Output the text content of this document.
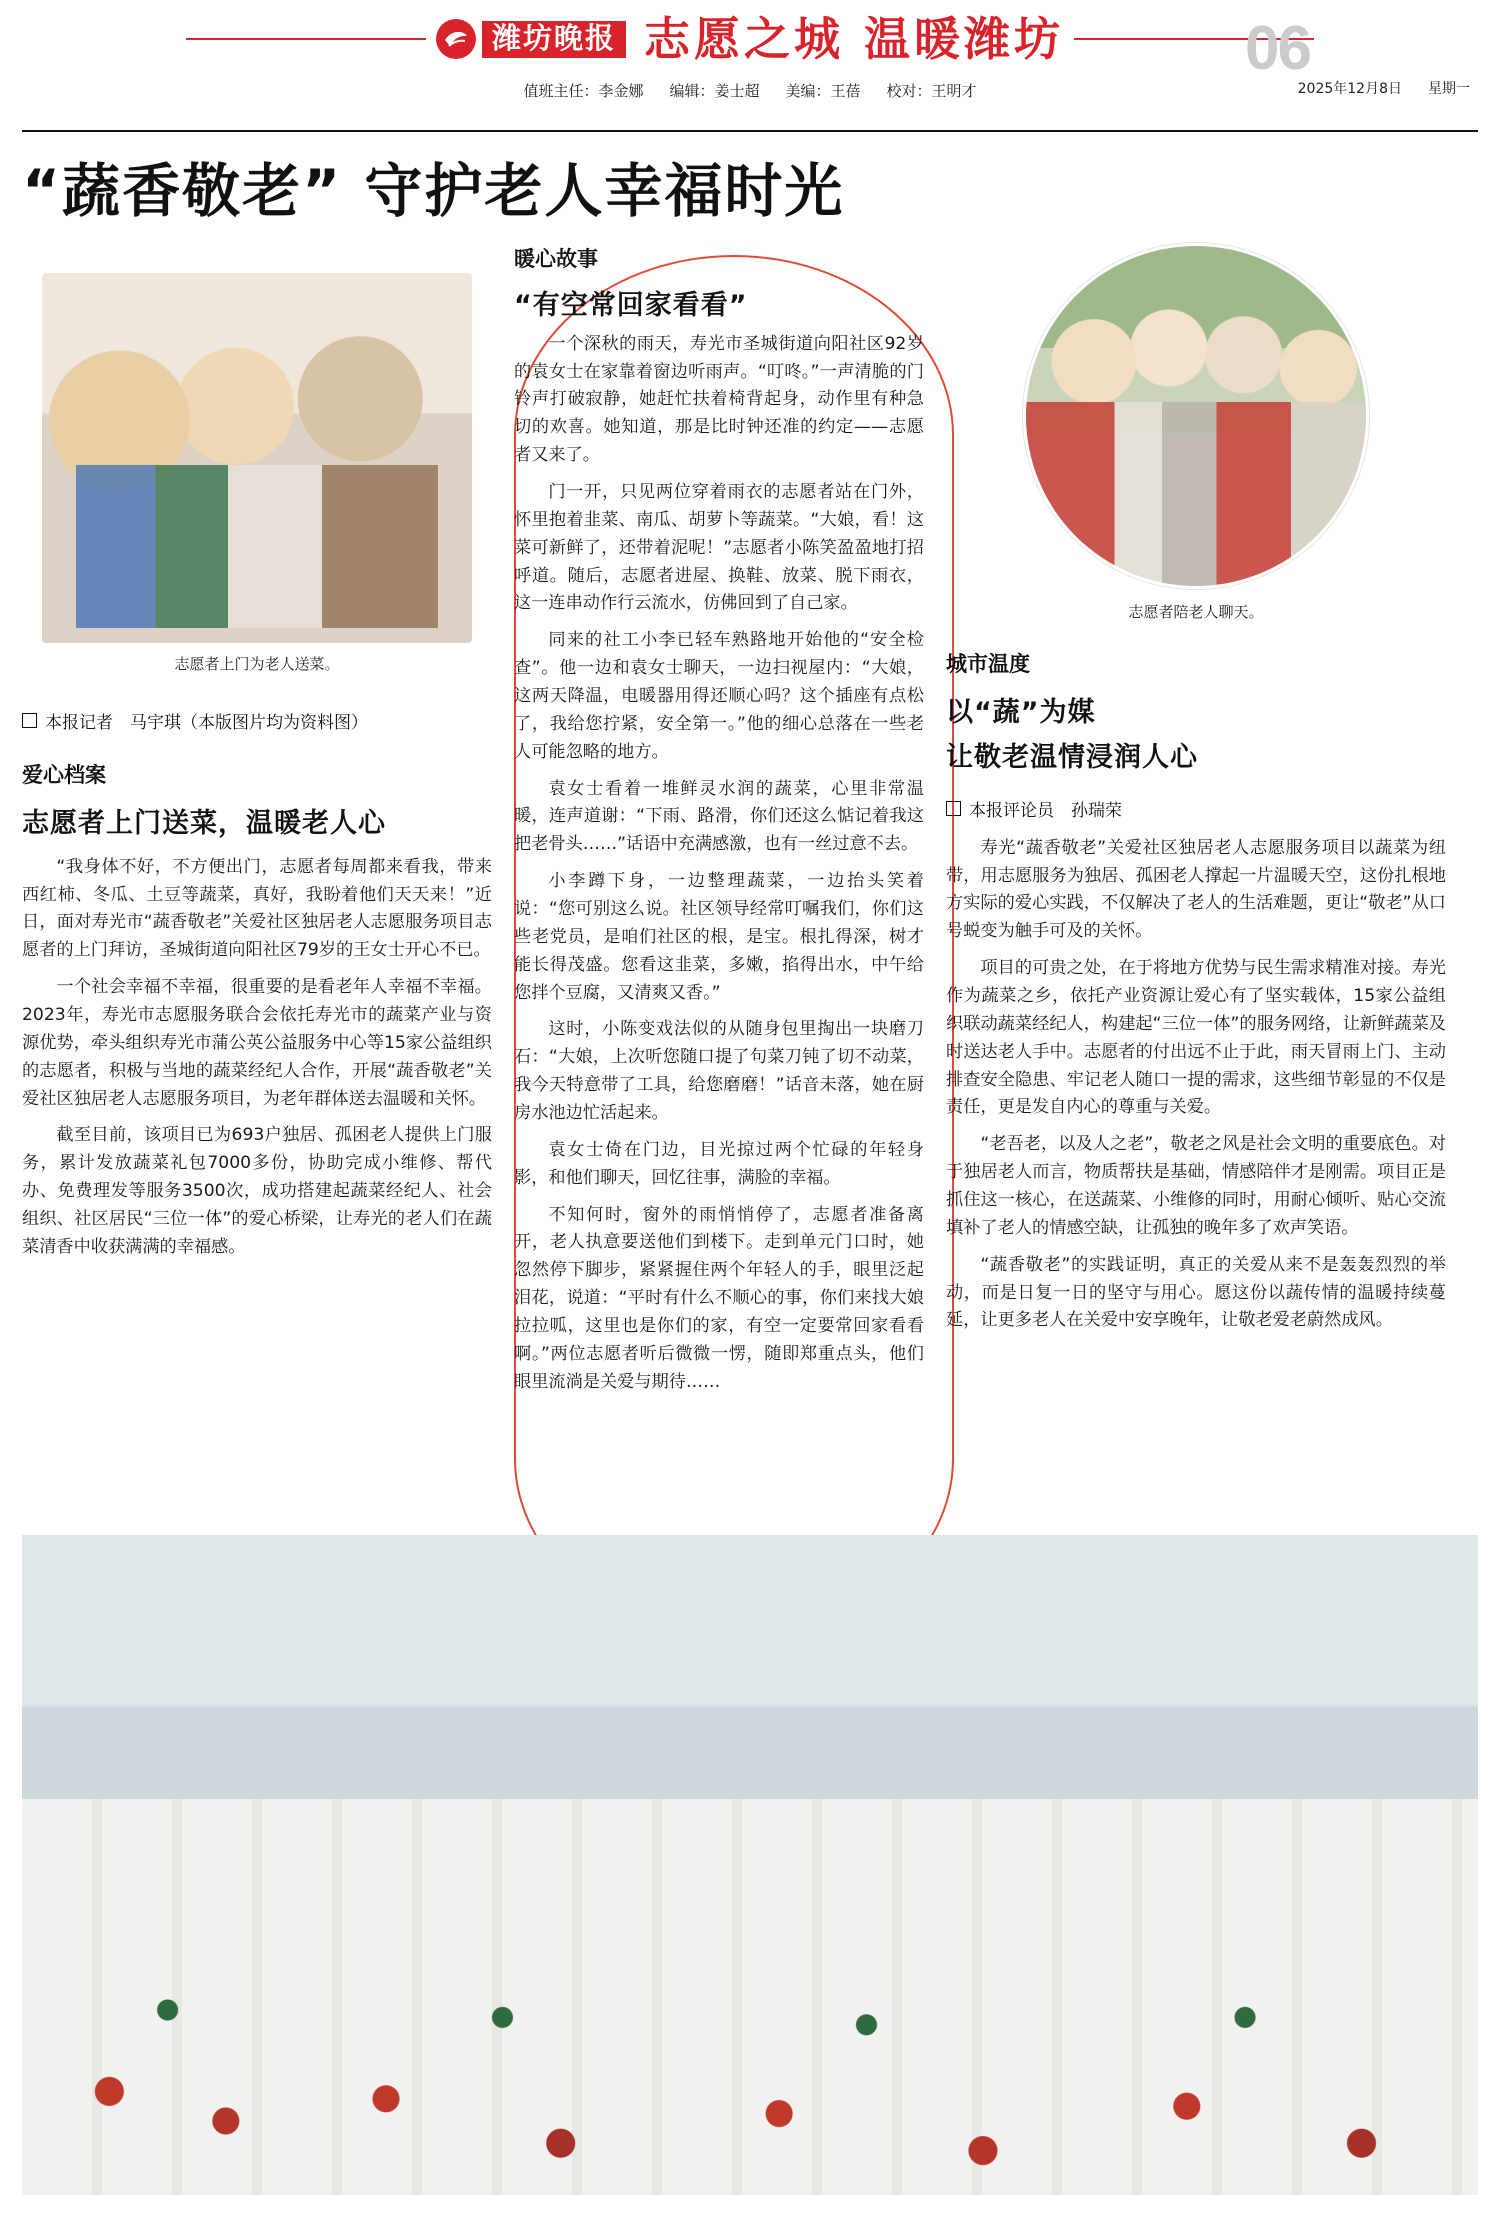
潍坊晚报 志愿之城 温暖潍坊	06
值班主任：李金娜 编辑：姜士超 美编：王蓓 校对：王明才	2025年12月8日 星期一
“蔬香敬老” 守护老人幸福时光
志愿者上门为老人送菜。
本报记者　马宇琪（本版图片均为资料图）
爱心档案
志愿者上门送菜，温暖老人心

“我身体不好，不方便出门，志愿者每周都来看我，带来西红柿、冬瓜、土豆等蔬菜，真好，我盼着他们天天来！”近日，面对寿光市“蔬香敬老”关爱社区独居老人志愿服务项目志愿者的上门拜访，圣城街道向阳社区79岁的王女士开心不已。

一个社会幸福不幸福，很重要的是看老年人幸福不幸福。2023年，寿光市志愿服务联合会依托寿光市的蔬菜产业与资源优势，牵头组织寿光市蒲公英公益服务中心等15家公益组织的志愿者，积极与当地的蔬菜经纪人合作，开展“蔬香敬老”关爱社区独居老人志愿服务项目，为老年群体送去温暖和关怀。

截至目前，该项目已为693户独居、孤困老人提供上门服务，累计发放蔬菜礼包7000多份，协助完成小维修、帮代办、免费理发等服务3500次，成功搭建起蔬菜经纪人、社会组织、社区居民“三位一体”的爱心桥梁，让寿光的老人们在蔬菜清香中收获满满的幸福感。

暖心故事
“有空常回家看看”

一个深秋的雨天，寿光市圣城街道向阳社区92岁的袁女士在家靠着窗边听雨声。“叮咚。”一声清脆的门铃声打破寂静，她赶忙扶着椅背起身，动作里有种急切的欢喜。她知道，那是比时钟还准的约定——志愿者又来了。

门一开，只见两位穿着雨衣的志愿者站在门外，怀里抱着韭菜、南瓜、胡萝卜等蔬菜。“大娘，看！这菜可新鲜了，还带着泥呢！”志愿者小陈笑盈盈地打招呼道。随后，志愿者进屋、换鞋、放菜、脱下雨衣，这一连串动作行云流水，仿佛回到了自己家。

同来的社工小李已轻车熟路地开始他的“安全检查”。他一边和袁女士聊天，一边扫视屋内：“大娘，这两天降温，电暖器用得还顺心吗？这个插座有点松了，我给您拧紧，安全第一。”他的细心总落在一些老人可能忽略的地方。

袁女士看着一堆鲜灵水润的蔬菜，心里非常温暖，连声道谢：“下雨、路滑，你们还这么惦记着我这把老骨头……”话语中充满感激，也有一丝过意不去。

小李蹲下身，一边整理蔬菜，一边抬头笑着说：“您可别这么说。社区领导经常叮嘱我们，你们这些老党员，是咱们社区的根，是宝。根扎得深，树才能长得茂盛。您看这韭菜，多嫩，掐得出水，中午给您拌个豆腐，又清爽又香。”

这时，小陈变戏法似的从随身包里掏出一块磨刀石：“大娘，上次听您随口提了句菜刀钝了切不动菜，我今天特意带了工具，给您磨磨！”话音未落，她在厨房水池边忙活起来。

袁女士倚在门边，目光掠过两个忙碌的年轻身影，和他们聊天，回忆往事，满脸的幸福。

不知何时，窗外的雨悄悄停了，志愿者准备离开，老人执意要送他们到楼下。走到单元门口时，她忽然停下脚步，紧紧握住两个年轻人的手，眼里泛起泪花，说道：“平时有什么不顺心的事，你们来找大娘拉拉呱，这里也是你们的家，有空一定要常回家看看啊。”两位志愿者听后微微一愣，随即郑重点头，他们眼里流淌是关爱与期待……

志愿者陪老人聊天。
城市温度
以“蔬”为媒
让敬老温情浸润人心
本报评论员　孙瑞荣

寿光“蔬香敬老”关爱社区独居老人志愿服务项目以蔬菜为纽带，用志愿服务为独居、孤困老人撑起一片温暖天空，这份扎根地方实际的爱心实践，不仅解决了老人的生活难题，更让“敬老”从口号蜕变为触手可及的关怀。

项目的可贵之处，在于将地方优势与民生需求精准对接。寿光作为蔬菜之乡，依托产业资源让爱心有了坚实载体，15家公益组织联动蔬菜经纪人，构建起“三位一体”的服务网络，让新鲜蔬菜及时送达老人手中。志愿者的付出远不止于此，雨天冒雨上门、主动排查安全隐患、牢记老人随口一提的需求，这些细节彰显的不仅是责任，更是发自内心的尊重与关爱。

“老吾老，以及人之老”，敬老之风是社会文明的重要底色。对于独居老人而言，物质帮扶是基础，情感陪伴才是刚需。项目正是抓住这一核心，在送蔬菜、小维修的同时，用耐心倾听、贴心交流填补了老人的情感空缺，让孤独的晚年多了欢声笑语。

“蔬香敬老”的实践证明，真正的关爱从来不是轰轰烈烈的举动，而是日复一日的坚守与用心。愿这份以蔬传情的温暖持续蔓延，让更多老人在关爱中安享晚年，让敬老爱老蔚然成风。
